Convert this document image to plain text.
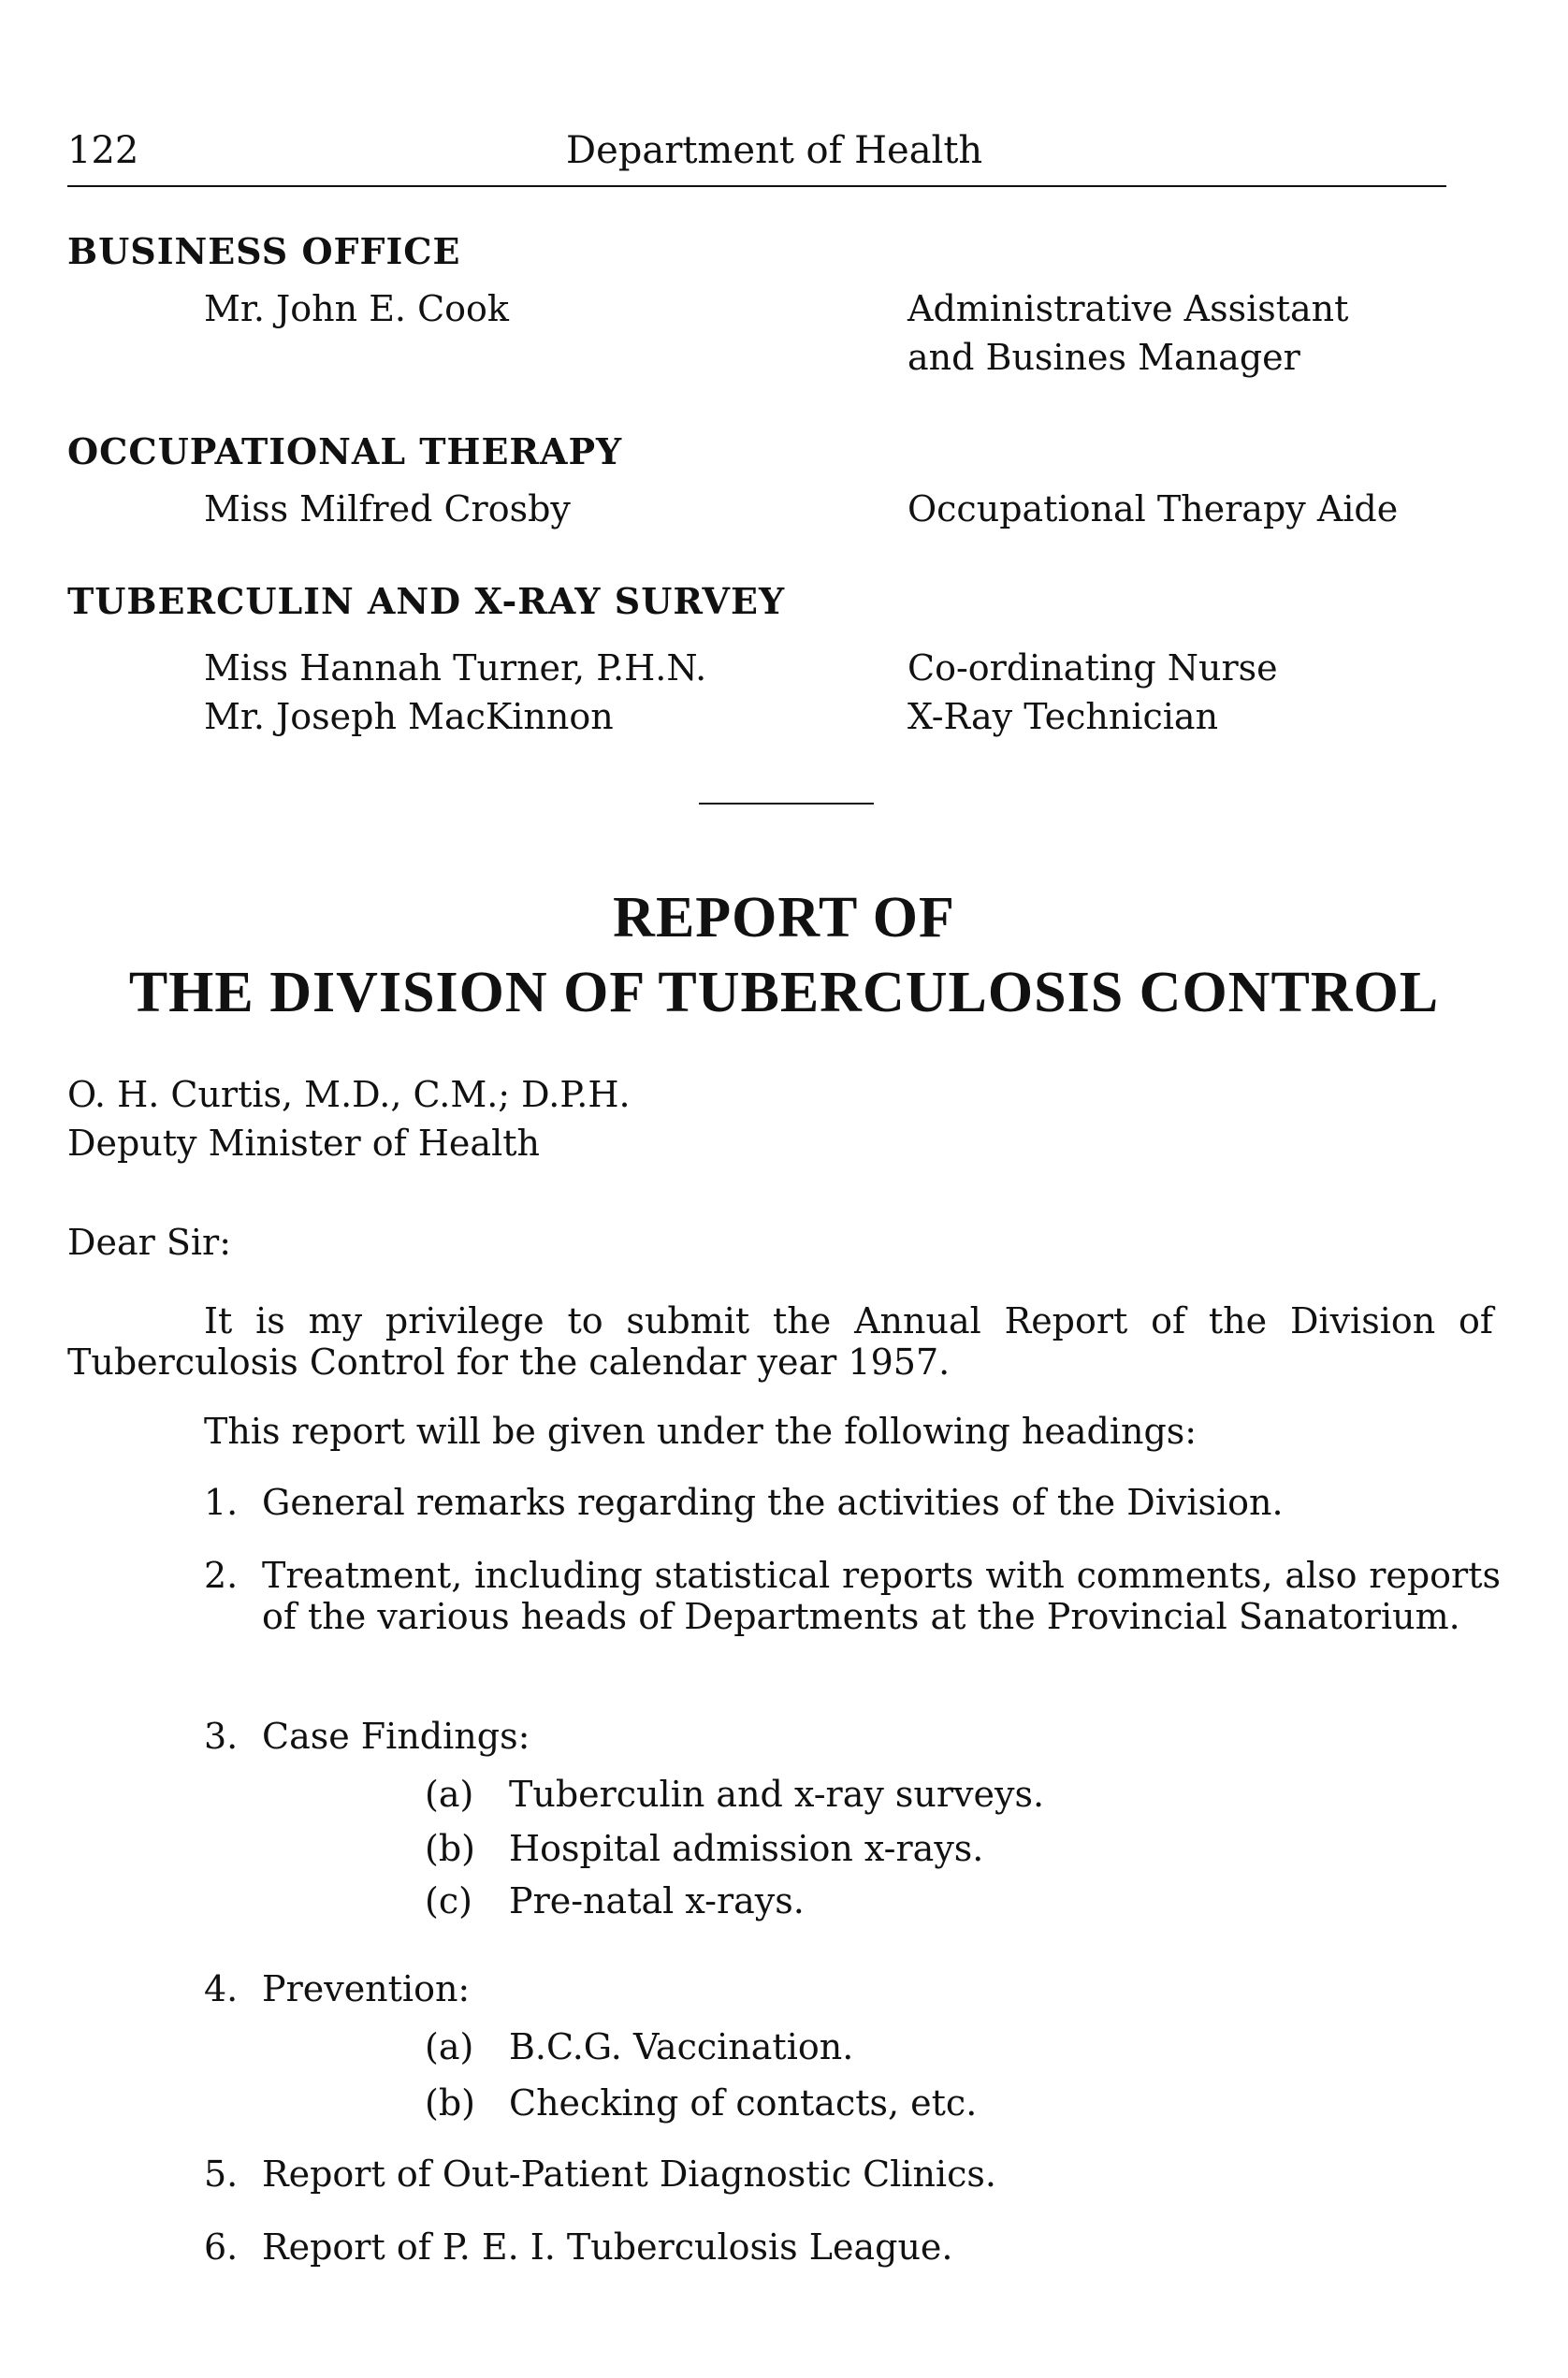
122	Department of Health
BUSINESS OFFICE
Mr. John E. Cook	Administrative Assistant
and Busines Manager
OCCUPATIONAL THERAPY
Miss Milfred Crosby	Occupational Therapy Aide
TUBERCULIN AND X-RAY SURVEY
Miss Hannah Turner, P.H.N.	Co-ordinating Nurse
Mr. Joseph MacKinnon	X-Ray Technician
REPORT OF
THE DIVISION OF TUBERCULOSIS CONTROL
O. H. Curtis, M.D., C.M.; D.P.H.
Deputy Minister of Health
Dear Sir:
It is my privilege to submit the Annual Report of the Division of Tuberculosis Control for the calendar year 1957.
This report will be given under the following headings:
1. General remarks regarding the activities of the Division.
2. Treatment, including statistical reports with comments, also reports of the various heads of Departments at the Provincial Sanatorium.
3. Case Findings:
(a) Tuberculin and x-ray surveys.
(b) Hospital admission x-rays.
(c) Pre-natal x-rays.
4. Prevention:
(a) B.C.G. Vaccination.
(b) Checking of contacts, etc.
5. Report of Out-Patient Diagnostic Clinics.
6. Report of P. E. I. Tuberculosis League.
